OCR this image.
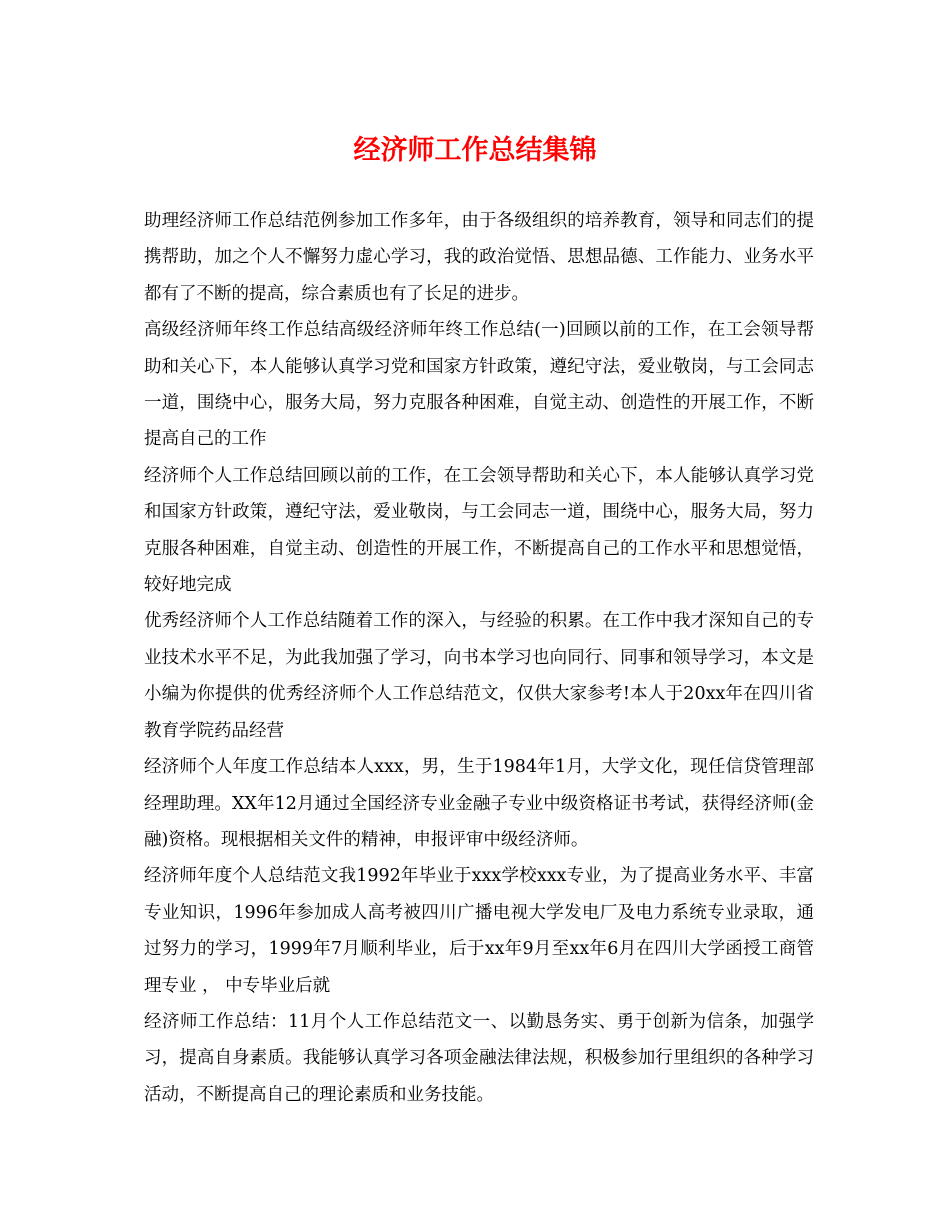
经济师工作总结集锦

助理经济师工作总结范例参加工作多年，由于各级组织的培养教育，领导和同志们的提携帮助，加之个人不懈努力虚心学习，我的政治觉悟、思想品德、工作能力、业务水平都有了不断的提高，综合素质也有了长足的进步。

高级经济师年终工作总结高级经济师年终工作总结(一)回顾以前的工作，在工会领导帮助和关心下，本人能够认真学习党和国家方针政策，遵纪守法，爱业敬岗，与工会同志一道，围绕中心，服务大局，努力克服各种困难，自觉主动、创造性的开展工作，不断提高自己的工作

经济师个人工作总结回顾以前的工作，在工会领导帮助和关心下，本人能够认真学习党和国家方针政策，遵纪守法，爱业敬岗，与工会同志一道，围绕中心，服务大局，努力克服各种困难，自觉主动、创造性的开展工作，不断提高自己的工作水平和思想觉悟，较好地完成

优秀经济师个人工作总结随着工作的深入，与经验的积累。在工作中我才深知自己的专业技术水平不足，为此我加强了学习，向书本学习也向同行、同事和领导学习，本文是小编为你提供的优秀经济师个人工作总结范文，仅供大家参考!本人于20xx年在四川省教育学院药品经营

经济师个人年度工作总结本人xxx，男，生于1984年1月，大学文化，现任信贷管理部经理助理。XX年12月通过全国经济专业金融子专业中级资格证书考试，获得经济师(金融)资格。现根据相关文件的精神，申报评审中级经济师。

经济师年度个人总结范文我1992年毕业于xxx学校xxx专业，为了提高业务水平、丰富专业知识，1996年参加成人高考被四川广播电视大学发电厂及电力系统专业录取，通过努力的学习，1999年7月顺利毕业，后于xx年9月至xx年6月在四川大学函授工商管理专业 ， 中专毕业后就

经济师工作总结：11月个人工作总结范文一、以勤恳务实、勇于创新为信条，加强学习，提高自身素质。我能够认真学习各项金融法律法规，积极参加行里组织的各种学习活动，不断提高自己的理论素质和业务技能。
